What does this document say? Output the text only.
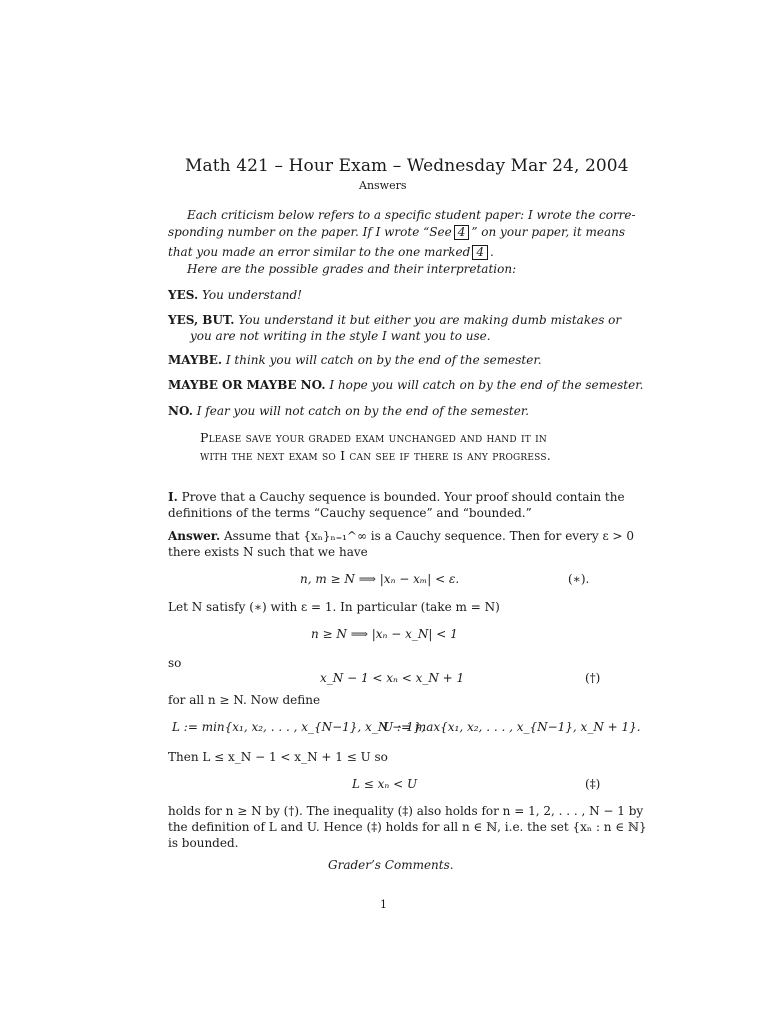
Math 421 – Hour Exam – Wednesday Mar 24, 2004
Answers
Each criticism below refers to a specific student paper: I wrote the corre-
sponding number on the paper. If I wrote “See 4 ” on your paper, it means
that you made an error similar to the one marked 4 .
Here are the possible grades and their interpretation:
YES. You understand!
YES, BUT. You understand it but either you are making dumb mistakes or
you are not writing in the style I want you to use.
MAYBE. I think you will catch on by the end of the semester.
MAYBE OR MAYBE NO. I hope you will catch on by the end of the semester.
NO. I fear you will not catch on by the end of the semester.
Please save your graded exam unchanged and hand it in
with the next exam so I can see if there is any progress.
I. Prove that a Cauchy sequence is bounded. Your proof should contain the
definitions of the terms “Cauchy sequence” and “bounded.”
Answer. Assume that {xₙ}ₙ₌₁^∞ is a Cauchy sequence. Then for every ε > 0
there exists N such that we have
n, m ≥ N ⟹ |xₙ − xₘ| < ε.	(∗).
Let N satisfy (∗) with ε = 1. In particular (take m = N)
n ≥ N ⟹ |xₙ − x_N| < 1
so
x_N − 1 < xₙ < x_N + 1	(†)
for all n ≥ N. Now define
L := min{x₁, x₂, . . . , x_{N−1}, x_N − 1},
U := max{x₁, x₂, . . . , x_{N−1}, x_N + 1}.
Then L ≤ x_N − 1 < x_N + 1 ≤ U so
L ≤ xₙ < U	(‡)
holds for n ≥ N by (†). The inequality (‡) also holds for n = 1, 2, . . . , N − 1 by
the definition of L and U. Hence (‡) holds for all n ∈ ℕ, i.e. the set {xₙ : n ∈ ℕ}
is bounded.
Grader’s Comments.
1
